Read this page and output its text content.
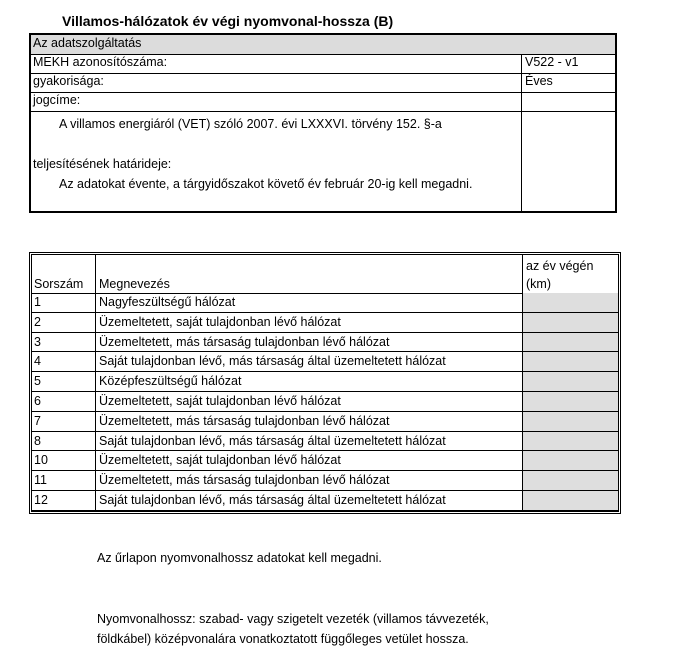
Villamos-hálózatok év végi nyomvonal-hossza (B)
Az adatszolgáltatás
MEKH azonosítószáma:	V522 - v1
gyakorisága:	Éves
jogcíme:
A villamos energiáról (VET) szóló 2007. évi LXXXVI. törvény 152. §-a
teljesítésének határideje:
Az adatokat évente, a tárgyidőszakot követő év február 20-ig kell megadni.
Sorszám Megnevezés
az év végén
(km)
1	Nagyfeszültségű hálózat
2	Üzemeltetett, saját tulajdonban lévő hálózat
3	Üzemeltetett, más társaság tulajdonban lévő hálózat
4	Saját tulajdonban lévő, más társaság által üzemeltetett hálózat
5	Középfeszültségű hálózat
6	Üzemeltetett, saját tulajdonban lévő hálózat
7	Üzemeltetett, más társaság tulajdonban lévő hálózat
8	Saját tulajdonban lévő, más társaság által üzemeltetett hálózat
10	Üzemeltetett, saját tulajdonban lévő hálózat
11	Üzemeltetett, más társaság tulajdonban lévő hálózat
12	Saját tulajdonban lévő, más társaság által üzemeltetett hálózat
Az űrlapon nyomvonalhossz adatokat kell megadni.
Nyomvonalhossz: szabad- vagy szigetelt vezeték (villamos távvezeték,
földkábel) középvonalára vonatkoztatott függőleges vetület hossza.
